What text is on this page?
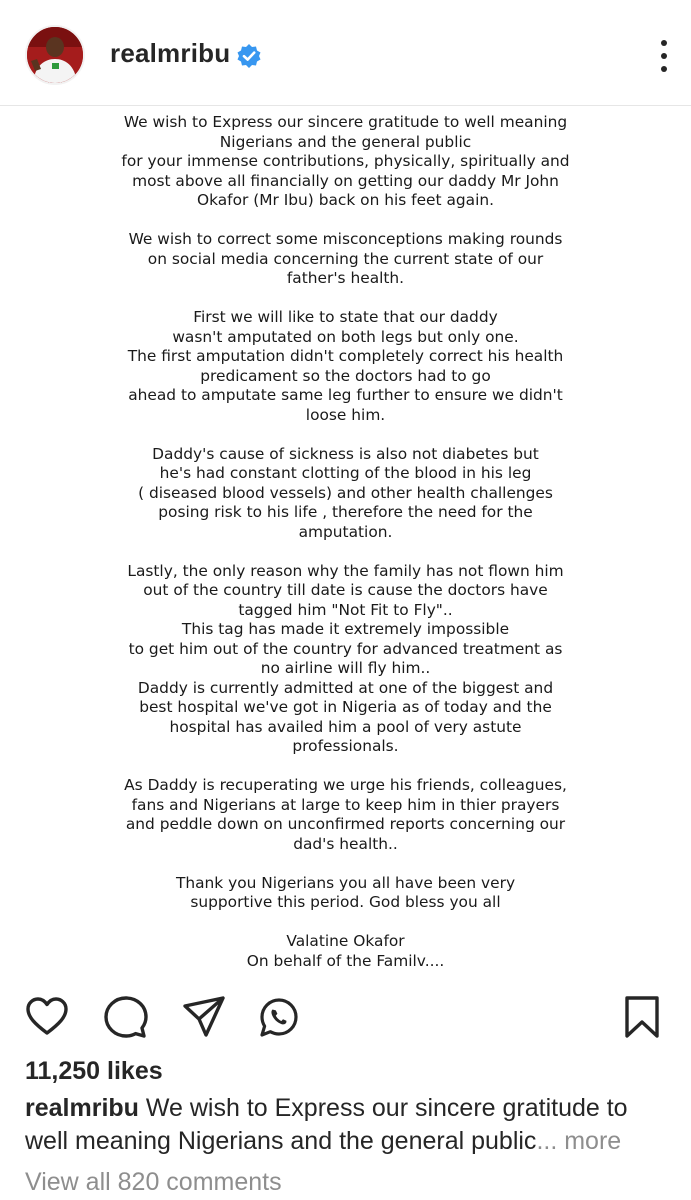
realmribu

We wish to Express our sincere gratitude to well meaning
Nigerians and the general public
for your immense contributions, physically, spiritually and
most above all financially on getting our daddy Mr John
Okafor (Mr Ibu) back on his feet again.

We wish to correct some misconceptions making rounds
on social media concerning the current state of our
father's health.

First we will like to state that our daddy
wasn't amputated on both legs but only one.
The first amputation didn't completely correct his health
predicament so the doctors had to go
ahead to amputate same leg further to ensure we didn't
loose him.

Daddy's cause of sickness is also not diabetes but
he's had constant clotting of the blood in his leg
( diseased blood vessels) and other health challenges
posing risk to his life , therefore the need for the
amputation.

Lastly, the only reason why the family has not flown him
out of the country till date is cause the doctors have
tagged him "Not Fit to Fly"..
This tag has made it extremely impossible
to get him out of the country for advanced treatment as
no airline will fly him..
Daddy is currently admitted at one of the biggest and
best hospital we've got in Nigeria as of today and the
hospital has availed him a pool of very astute
professionals.

As Daddy is recuperating we urge his friends, colleagues,
fans and Nigerians at large to keep him in thier prayers
and peddle down on unconfirmed reports concerning our
dad's health..

Thank you Nigerians you all have been very
supportive this period. God bless you all

Valatine Okafor
On behalf of the Familv....

11,250 likes
realmribu We wish to Express our sincere gratitude to well meaning Nigerians and the general public... more
View all 820 comments
